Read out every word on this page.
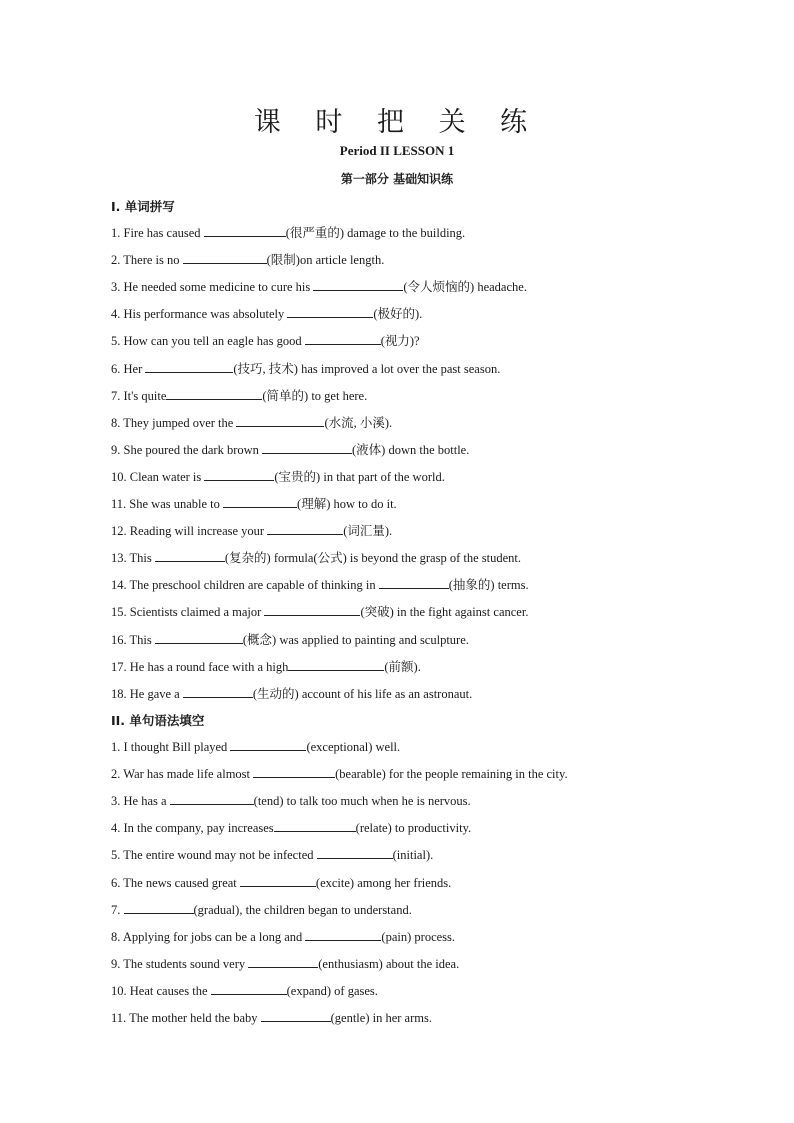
课 时 把 关 练
Period II LESSON 1
第一部分 基础知识练
I. 单词拼写
1. Fire has caused	(很严重的) damage to the building.
2. There is no	(限制)on article length.
3. He needed some medicine to cure his	(令人烦恼的) headache.
4. His performance was absolutely	(极好的).
5. How can you tell an eagle has good	(视力)?
6. Her	(技巧, 技术) has improved a lot over the past season.
7. It's quite	(简单的) to get here.
8. They jumped over the	(水流, 小溪).
9. She poured the dark brown	(液体) down the bottle.
10. Clean water is	(宝贵的) in that part of the world.
11. She was unable to	(理解) how to do it.
12. Reading will increase your	(词汇量).
13. This	(复杂的) formula(公式) is beyond the grasp of the student.
14. The preschool children are capable of thinking in	(抽象的) terms.
15. Scientists claimed a major	(突破) in the fight against cancer.
16. This	(概念) was applied to painting and sculpture.
17. He has a round face with a high	(前额).
18. He gave a	(生动的) account of his life as an astronaut.
II. 单句语法填空
1. I thought Bill played	(exceptional) well.
2. War has made life almost	(bearable) for the people remaining in the city.
3. He has a	(tend) to talk too much when he is nervous.
4. In the company, pay increases	(relate) to productivity.
5. The entire wound may not be infected	(initial).
6. The news caused great	(excite) among her friends.
7.	(gradual), the children began to understand.
8. Applying for jobs can be a long and	(pain) process.
9. The students sound very	(enthusiasm) about the idea.
10. Heat causes the	(expand) of gases.
11. The mother held the baby	(gentle) in her arms.
